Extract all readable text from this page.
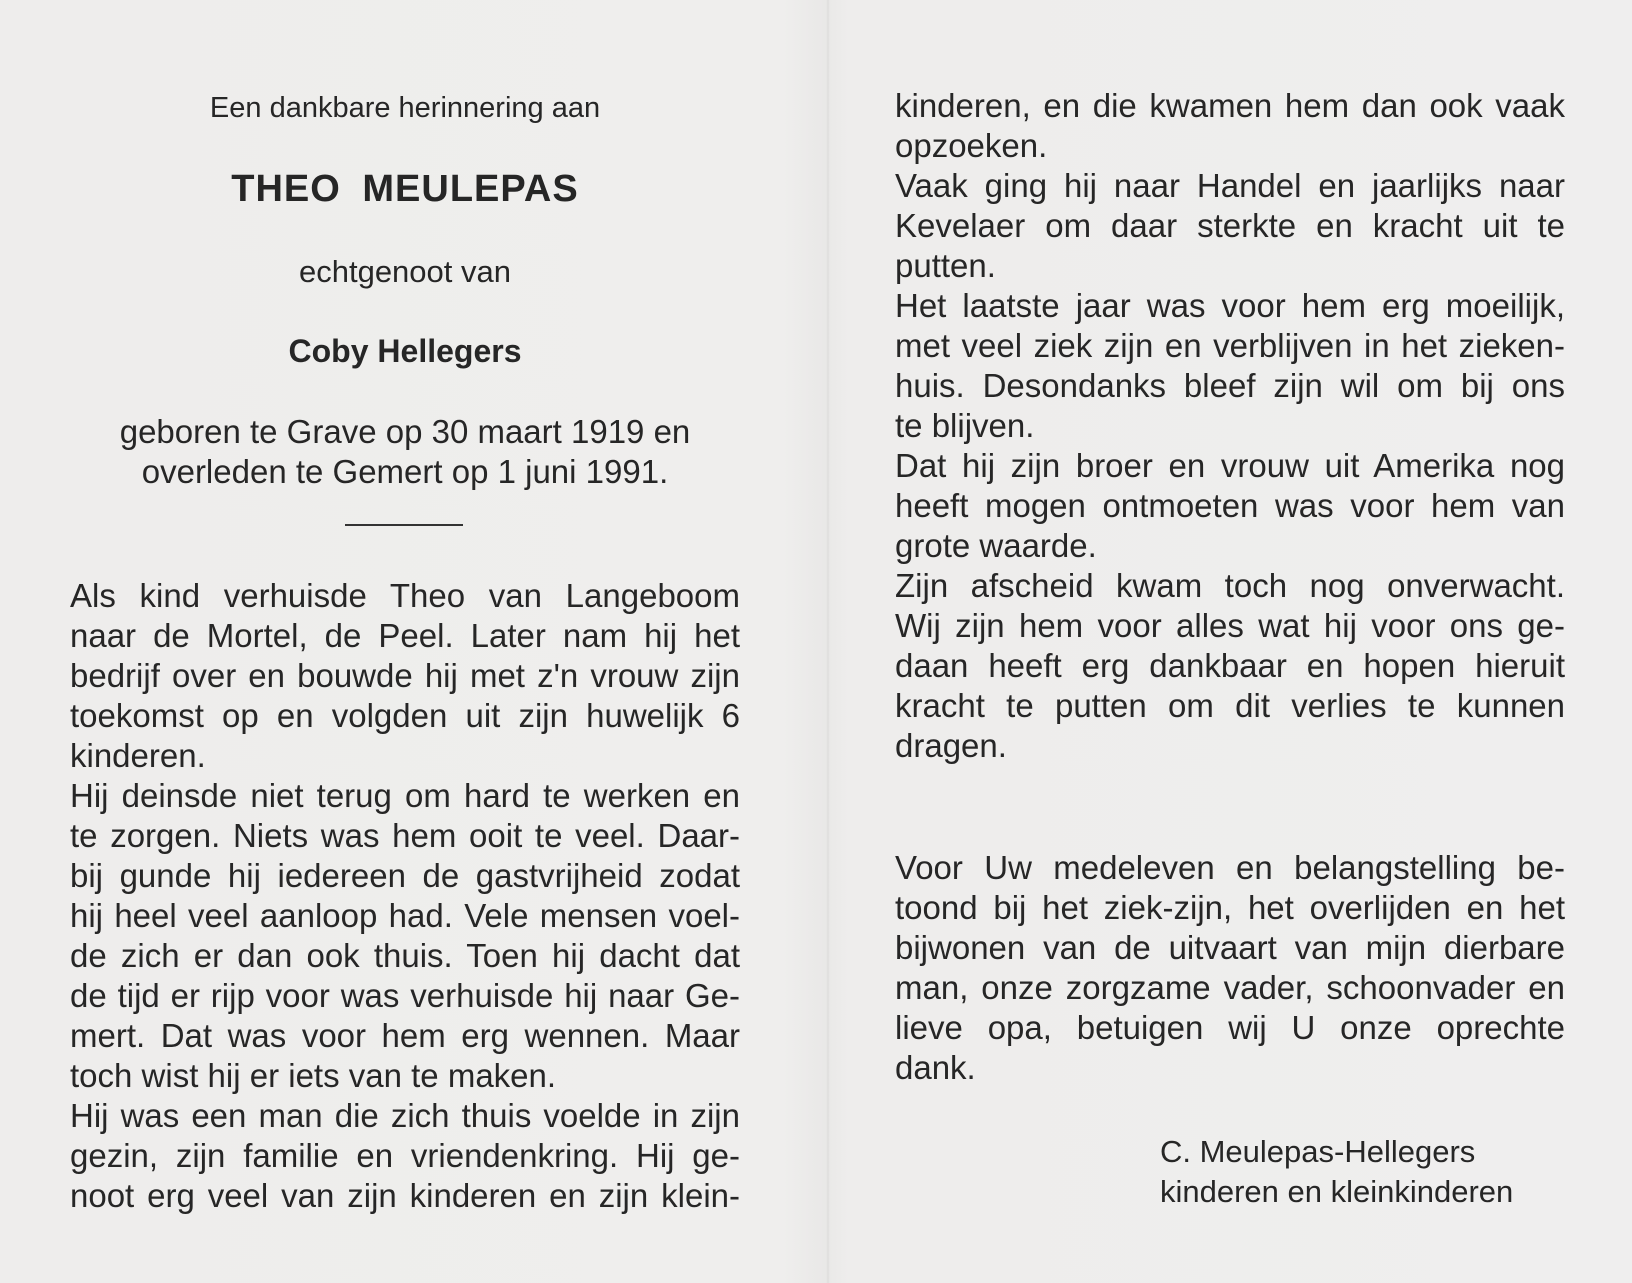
Een dankbare herinnering aan
THEO MEULEPAS
echtgenoot van
Coby Hellegers
geboren te Grave op 30 maart 1919 en
overleden te Gemert op 1 juni 1991.
Als kind verhuisde Theo van Langeboom
naar de Mortel, de Peel. Later nam hij het
bedrijf over en bouwde hij met z'n vrouw zijn
toekomst op en volgden uit zijn huwelijk 6
kinderen.
Hij deinsde niet terug om hard te werken en
te zorgen. Niets was hem ooit te veel. Daar-
bij gunde hij iedereen de gastvrijheid zodat
hij heel veel aanloop had. Vele mensen voel-
de zich er dan ook thuis. Toen hij dacht dat
de tijd er rijp voor was verhuisde hij naar Ge-
mert. Dat was voor hem erg wennen. Maar
toch wist hij er iets van te maken.
Hij was een man die zich thuis voelde in zijn
gezin, zijn familie en vriendenkring. Hij ge-
noot erg veel van zijn kinderen en zijn klein-
kinderen, en die kwamen hem dan ook vaak
opzoeken.
Vaak ging hij naar Handel en jaarlijks naar
Kevelaer om daar sterkte en kracht uit te
putten.
Het laatste jaar was voor hem erg moeilijk,
met veel ziek zijn en verblijven in het zieken-
huis. Desondanks bleef zijn wil om bij ons
te blijven.
Dat hij zijn broer en vrouw uit Amerika nog
heeft mogen ontmoeten was voor hem van
grote waarde.
Zijn afscheid kwam toch nog onverwacht.
Wij zijn hem voor alles wat hij voor ons ge-
daan heeft erg dankbaar en hopen hieruit
kracht te putten om dit verlies te kunnen
dragen.
Voor Uw medeleven en belangstelling be-
toond bij het ziek-zijn, het overlijden en het
bijwonen van de uitvaart van mijn dierbare
man, onze zorgzame vader, schoonvader en
lieve opa, betuigen wij U onze oprechte
dank.
C. Meulepas-Hellegers
kinderen en kleinkinderen
